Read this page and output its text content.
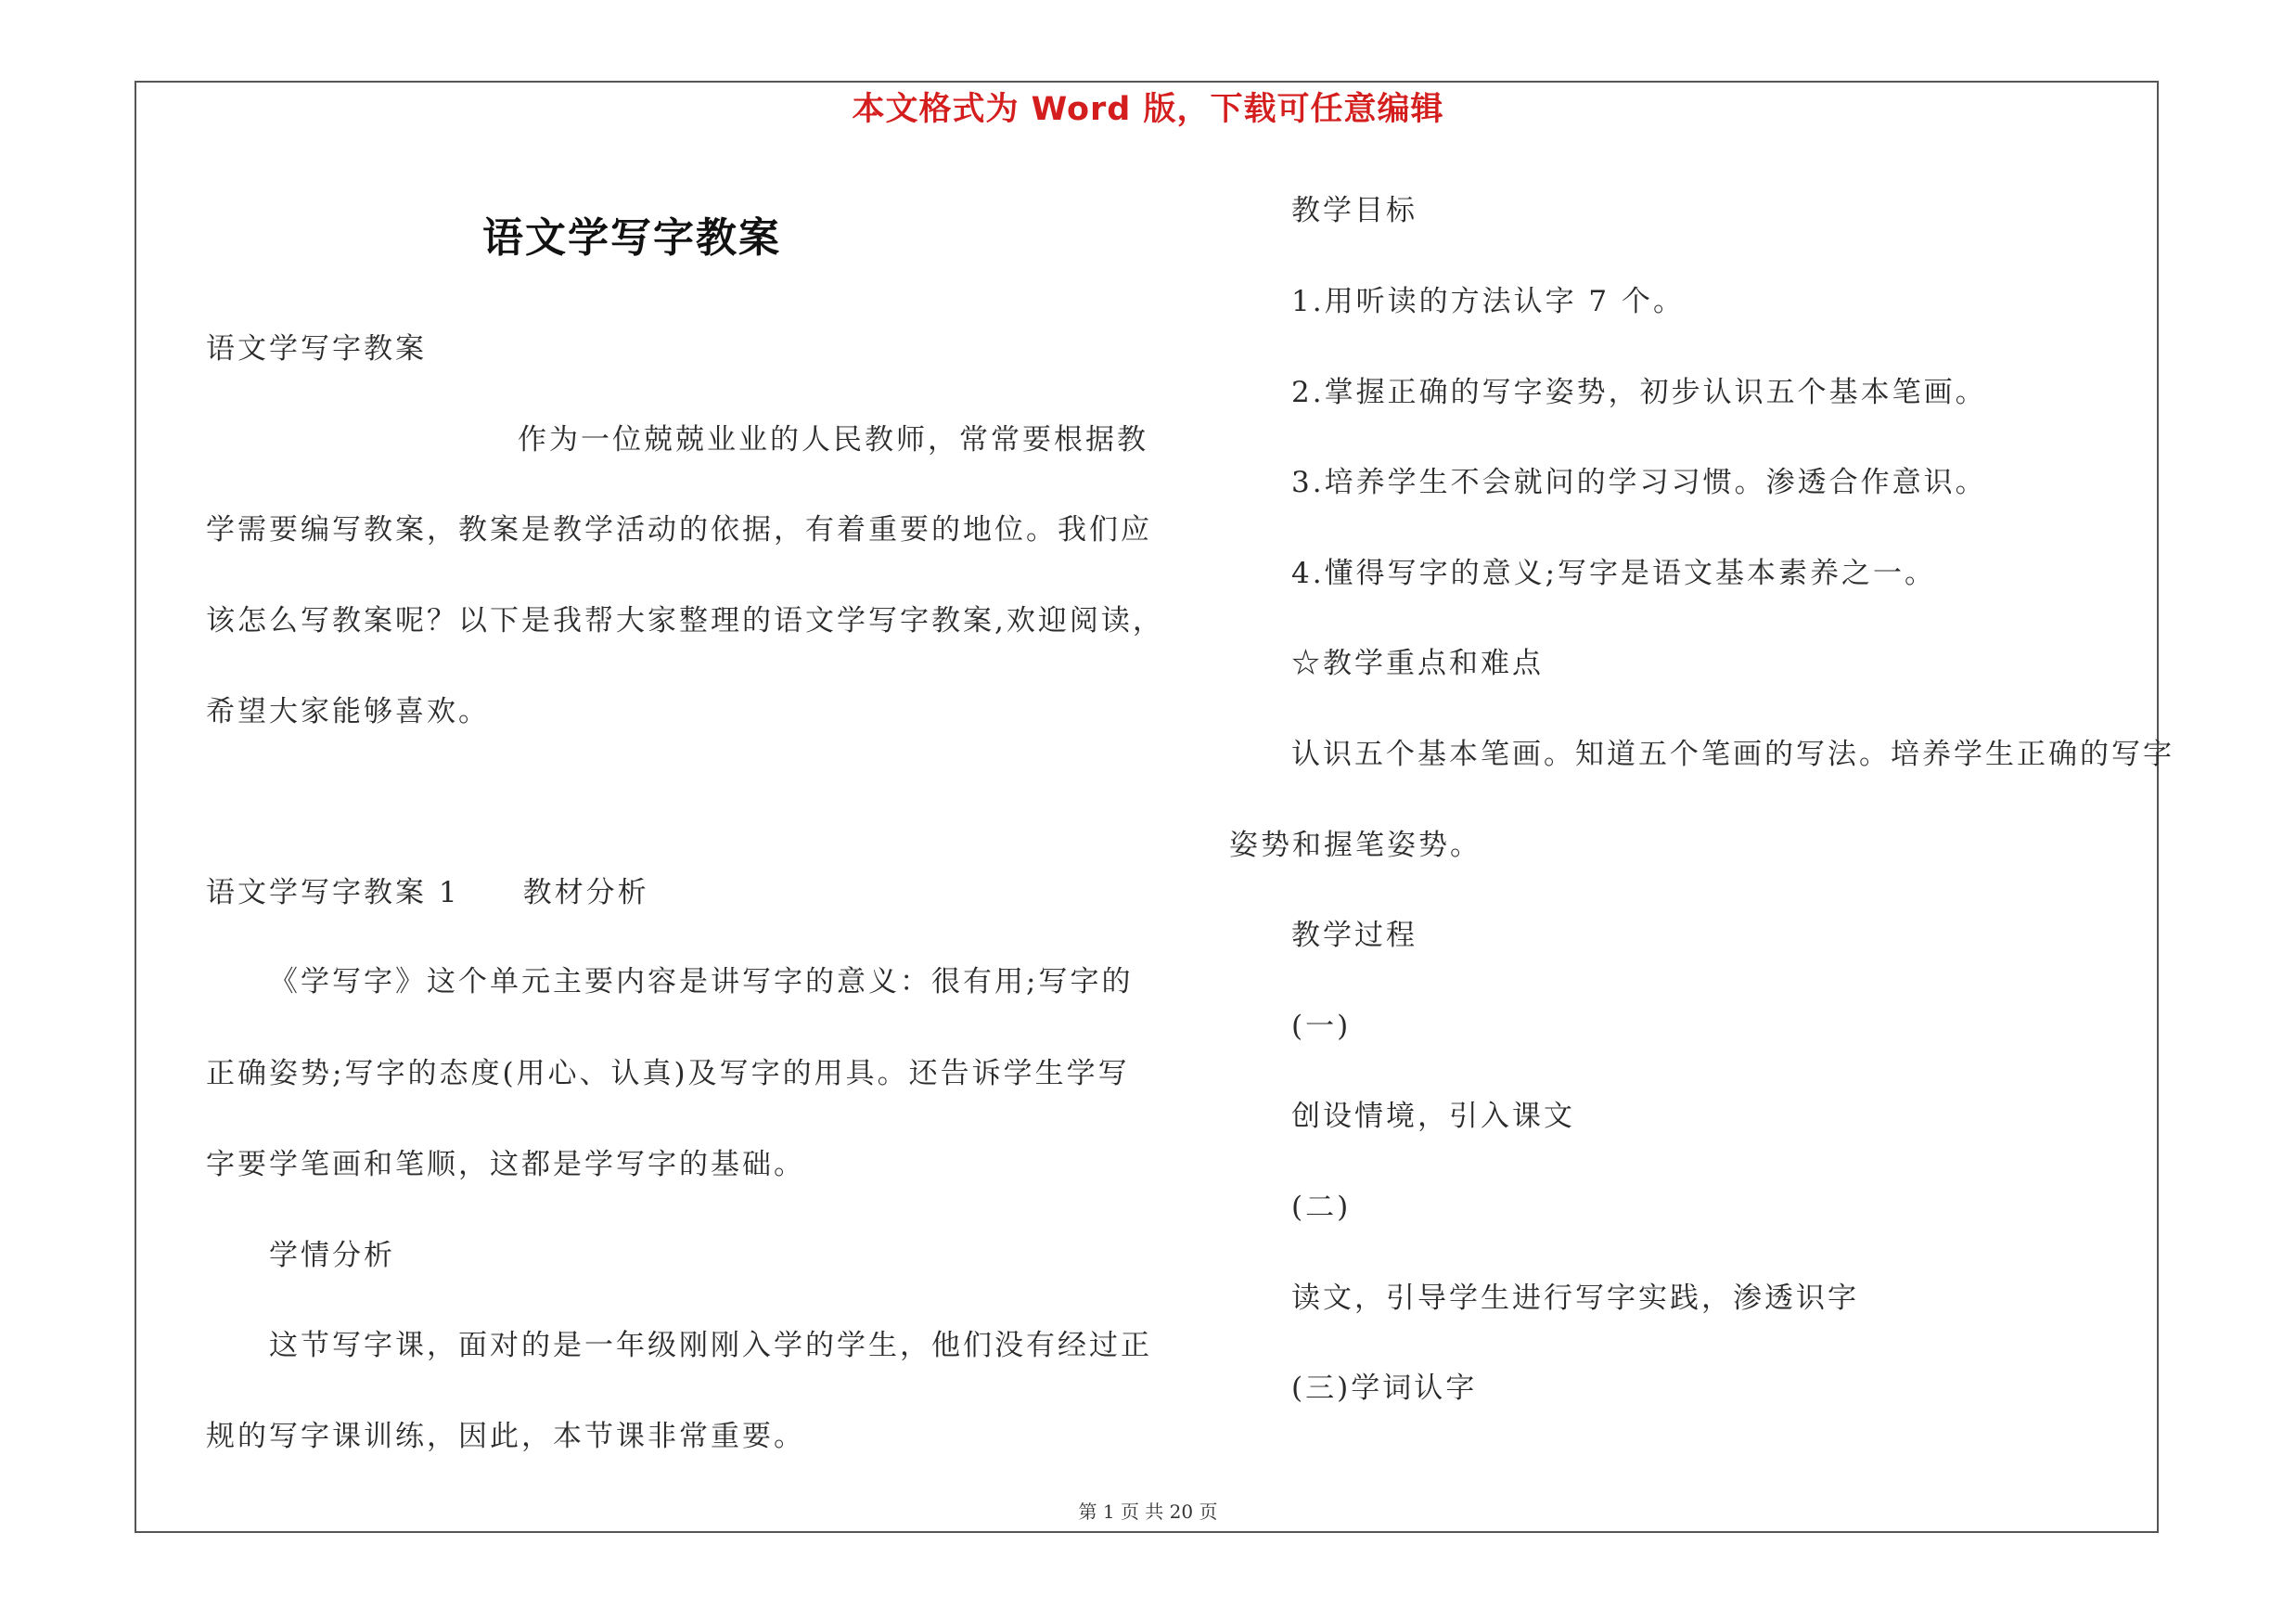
本文格式为 Word 版，下载可任意编辑
语文学写字教案
语文学写字教案
作为一位兢兢业业的人民教师，常常要根据教
学需要编写教案，教案是教学活动的依据，有着重要的地位。我们应
该怎么写教案呢？以下是我帮大家整理的语文学写字教案,欢迎阅读，
希望大家能够喜欢。
语文学写字教案 1　　教材分析
《学写字》这个单元主要内容是讲写字的意义：很有用;写字的
正确姿势;写字的态度(用心、认真)及写字的用具。还告诉学生学写
字要学笔画和笔顺，这都是学写字的基础。
学情分析
这节写字课，面对的是一年级刚刚入学的学生，他们没有经过正
规的写字课训练，因此，本节课非常重要。
教学目标
1.用听读的方法认字 7 个。
2.掌握正确的写字姿势，初步认识五个基本笔画。
3.培养学生不会就问的学习习惯。渗透合作意识。
4.懂得写字的意义;写字是语文基本素养之一。
☆教学重点和难点
认识五个基本笔画。知道五个笔画的写法。培养学生正确的写字
姿势和握笔姿势。
教学过程
(一)
创设情境，引入课文
(二)
读文，引导学生进行写字实践，渗透识字
(三)学词认字
第 1 页 共 20 页
